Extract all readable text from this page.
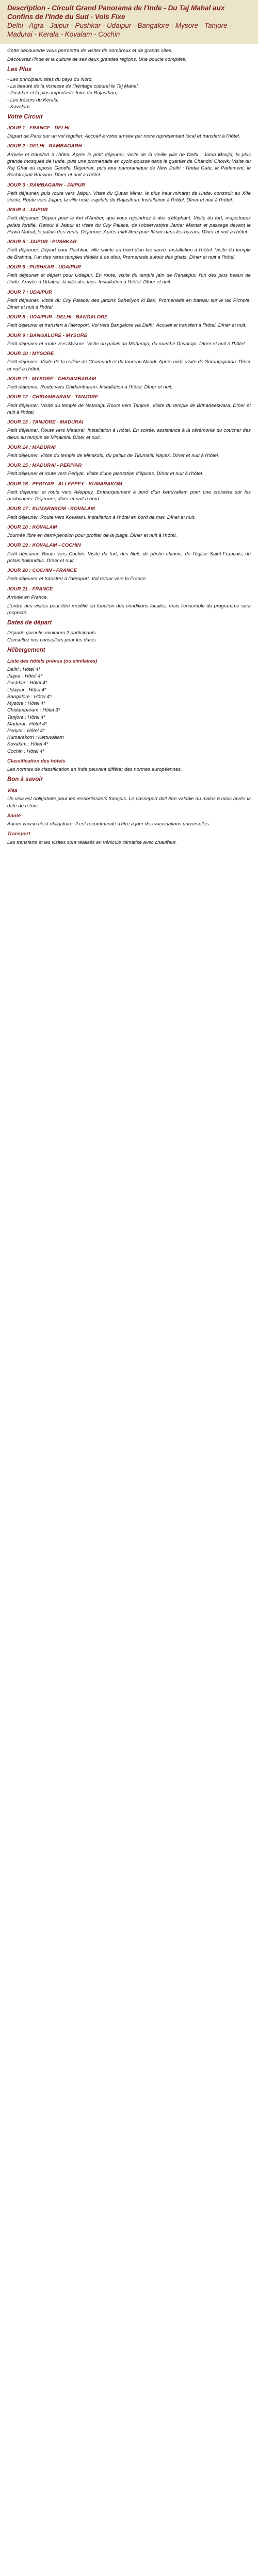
Description - Circuit Grand Panorama de l'Inde - Du Taj Mahal aux Confins de l'Inde du Sud - Vols Fixe
Delhi - Agra - Jaipur - Pushkar - Udaipur - Bangalore - Mysore - Tanjore - Madurai - Kerala - Kovalam - Cochin

Cette découverte vous permettra de visiter de nombreux et de grands sites.

Découvrez l'Inde et la culture de ses deux grandes régions. Une boucle complète.

Les Plus
- Les principaux sites du pays du Nord,
- La beauté de la richesse de l'héritage culturel le Taj Mahal,
- Pushkar et la plus importante foire du Rajasthan,
- Les trésors du Kerala,
- Kovalam
Votre Circuit
JOUR 1 : FRANCE - DELHI

Départ de Paris sur un vol régulier. Accueil à votre arrivée par notre représentant local et transfert à l'hôtel.

JOUR 2 : DELHI - RAMBAGARH

Arrivée et transfert à l'hôtel. Après le petit déjeuner, visite de la vieille ville de Delhi : Jama Masjid, la plus grande mosquée de l'Inde, puis une promenade en cyclo-pousse dans le quartier de Chandni Chowk. Visite du Raj Ghat où repose Gandhi. Déjeuner, puis tour panoramique de New Delhi : l'India Gate, le Parlement, le Rashtrapati Bhawan. Dîner et nuit à l'hôtel.

JOUR 3 : RAMBAGARH - JAIPUR

Petit déjeuner, puis route vers Jaipur. Visite du Qutub Minar, le plus haut minaret de l'Inde, construit au XIIe siècle. Route vers Jaipur, la ville rose, capitale du Rajasthan. Installation à l'hôtel. Dîner et nuit à l'hôtel.

JOUR 4 : JAIPUR

Petit déjeuner. Départ pour le fort d'Amber, que vous rejoindrez à dos d'éléphant. Visite du fort, majestueux palais fortifié. Retour à Jaipur et visite du City Palace, de l'observatoire Jantar Mantar et passage devant le Hawa Mahal, le palais des vents. Déjeuner. Après-midi libre pour flâner dans les bazars. Dîner et nuit à l'hôtel.

JOUR 5 : JAIPUR - PUSHKAR

Petit déjeuner. Départ pour Pushkar, ville sainte au bord d'un lac sacré. Installation à l'hôtel. Visite du temple de Brahma, l'un des rares temples dédiés à ce dieu. Promenade autour des ghats. Dîner et nuit à l'hôtel.

JOUR 6 : PUSHKAR - UDAIPUR

Petit déjeuner et départ pour Udaipur. En route, visite du temple jaïn de Ranakpur, l'un des plus beaux de l'Inde. Arrivée à Udaipur, la ville des lacs. Installation à l'hôtel. Dîner et nuit.

JOUR 7 : UDAIPUR

Petit déjeuner. Visite du City Palace, des jardins Saheliyon ki Bari. Promenade en bateau sur le lac Pichola. Dîner et nuit à l'hôtel.

JOUR 8 : UDAIPUR - DELHI - BANGALORE

Petit déjeuner et transfert à l'aéroport. Vol vers Bangalore via Delhi. Accueil et transfert à l'hôtel. Dîner et nuit.

JOUR 9 : BANGALORE - MYSORE

Petit déjeuner et route vers Mysore. Visite du palais du Maharaja, du marché Devaraja. Dîner et nuit à l'hôtel.

JOUR 10 : MYSORE

Petit déjeuner. Visite de la colline de Chamundi et du taureau Nandi. Après-midi, visite de Srirangapatna. Dîner et nuit à l'hôtel.

JOUR 11 : MYSORE - CHIDAMBARAM

Petit déjeuner. Route vers Chidambaram. Installation à l'hôtel. Dîner et nuit.

JOUR 12 : CHIDAMBARAM - TANJORE

Petit déjeuner. Visite du temple de Nataraja. Route vers Tanjore. Visite du temple de Brihadeeswara. Dîner et nuit à l'hôtel.

JOUR 13 : TANJORE - MADURAI

Petit déjeuner. Route vers Madurai. Installation à l'hôtel. En soirée, assistance à la cérémonie du coucher des dieux au temple de Minakshi. Dîner et nuit.

JOUR 14 : MADURAI

Petit déjeuner. Visite du temple de Minakshi, du palais de Tirumalai Nayak. Dîner et nuit à l'hôtel.

JOUR 15 : MADURAI - PERIYAR

Petit déjeuner et route vers Periyar. Visite d'une plantation d'épices. Dîner et nuit à l'hôtel.

JOUR 16 : PERIYAR - ALLEPPEY - KUMARAKOM

Petit déjeuner et route vers Alleppey. Embarquement à bord d'un kettuvallam pour une croisière sur les backwaters. Déjeuner, dîner et nuit à bord.

JOUR 17 : KUMARAKOM - KOVALAM

Petit déjeuner. Route vers Kovalam. Installation à l'hôtel en bord de mer. Dîner et nuit.

JOUR 18 : KOVALAM

Journée libre en demi-pension pour profiter de la plage. Dîner et nuit à l'hôtel.

JOUR 19 : KOVALAM - COCHIN

Petit déjeuner. Route vers Cochin. Visite du fort, des filets de pêche chinois, de l'église Saint-François, du palais hollandais. Dîner et nuit.

JOUR 20 : COCHIN - FRANCE

Petit déjeuner et transfert à l'aéroport. Vol retour vers la France.

JOUR 21 : FRANCE

Arrivée en France.

L'ordre des visites peut être modifié en fonction des conditions locales, mais l'ensemble du programme sera respecté.

Dates de départ
Départs garantis minimum 2 participants
Consultez nos conseillers pour les dates
Hébergement
Liste des hôtels prévus (ou similaires)
Delhi : Hôtel 4*
Jaipur : Hôtel 4*
Pushkar : Hôtel 4*
Udaipur : Hôtel 4*
Bangalore : Hôtel 4*
Mysore : Hôtel 4*
Chidambaram : Hôtel 3*
Tanjore : Hôtel 4*
Madurai : Hôtel 4*
Periyar : Hôtel 4*
Kumarakom : Kettuvallam
Kovalam : Hôtel 4*
Cochin : Hôtel 4*
Classification des hôtels

Les normes de classification en Inde peuvent différer des normes européennes.

Bon à savoir
Visa

Un visa est obligatoire pour les ressortissants français. Le passeport doit être valable au moins 6 mois après la date de retour.

Santé

Aucun vaccin n'est obligatoire. Il est recommandé d'être à jour des vaccinations universelles.

Transport

Les transferts et les visites sont réalisés en véhicule climatisé avec chauffeur.
